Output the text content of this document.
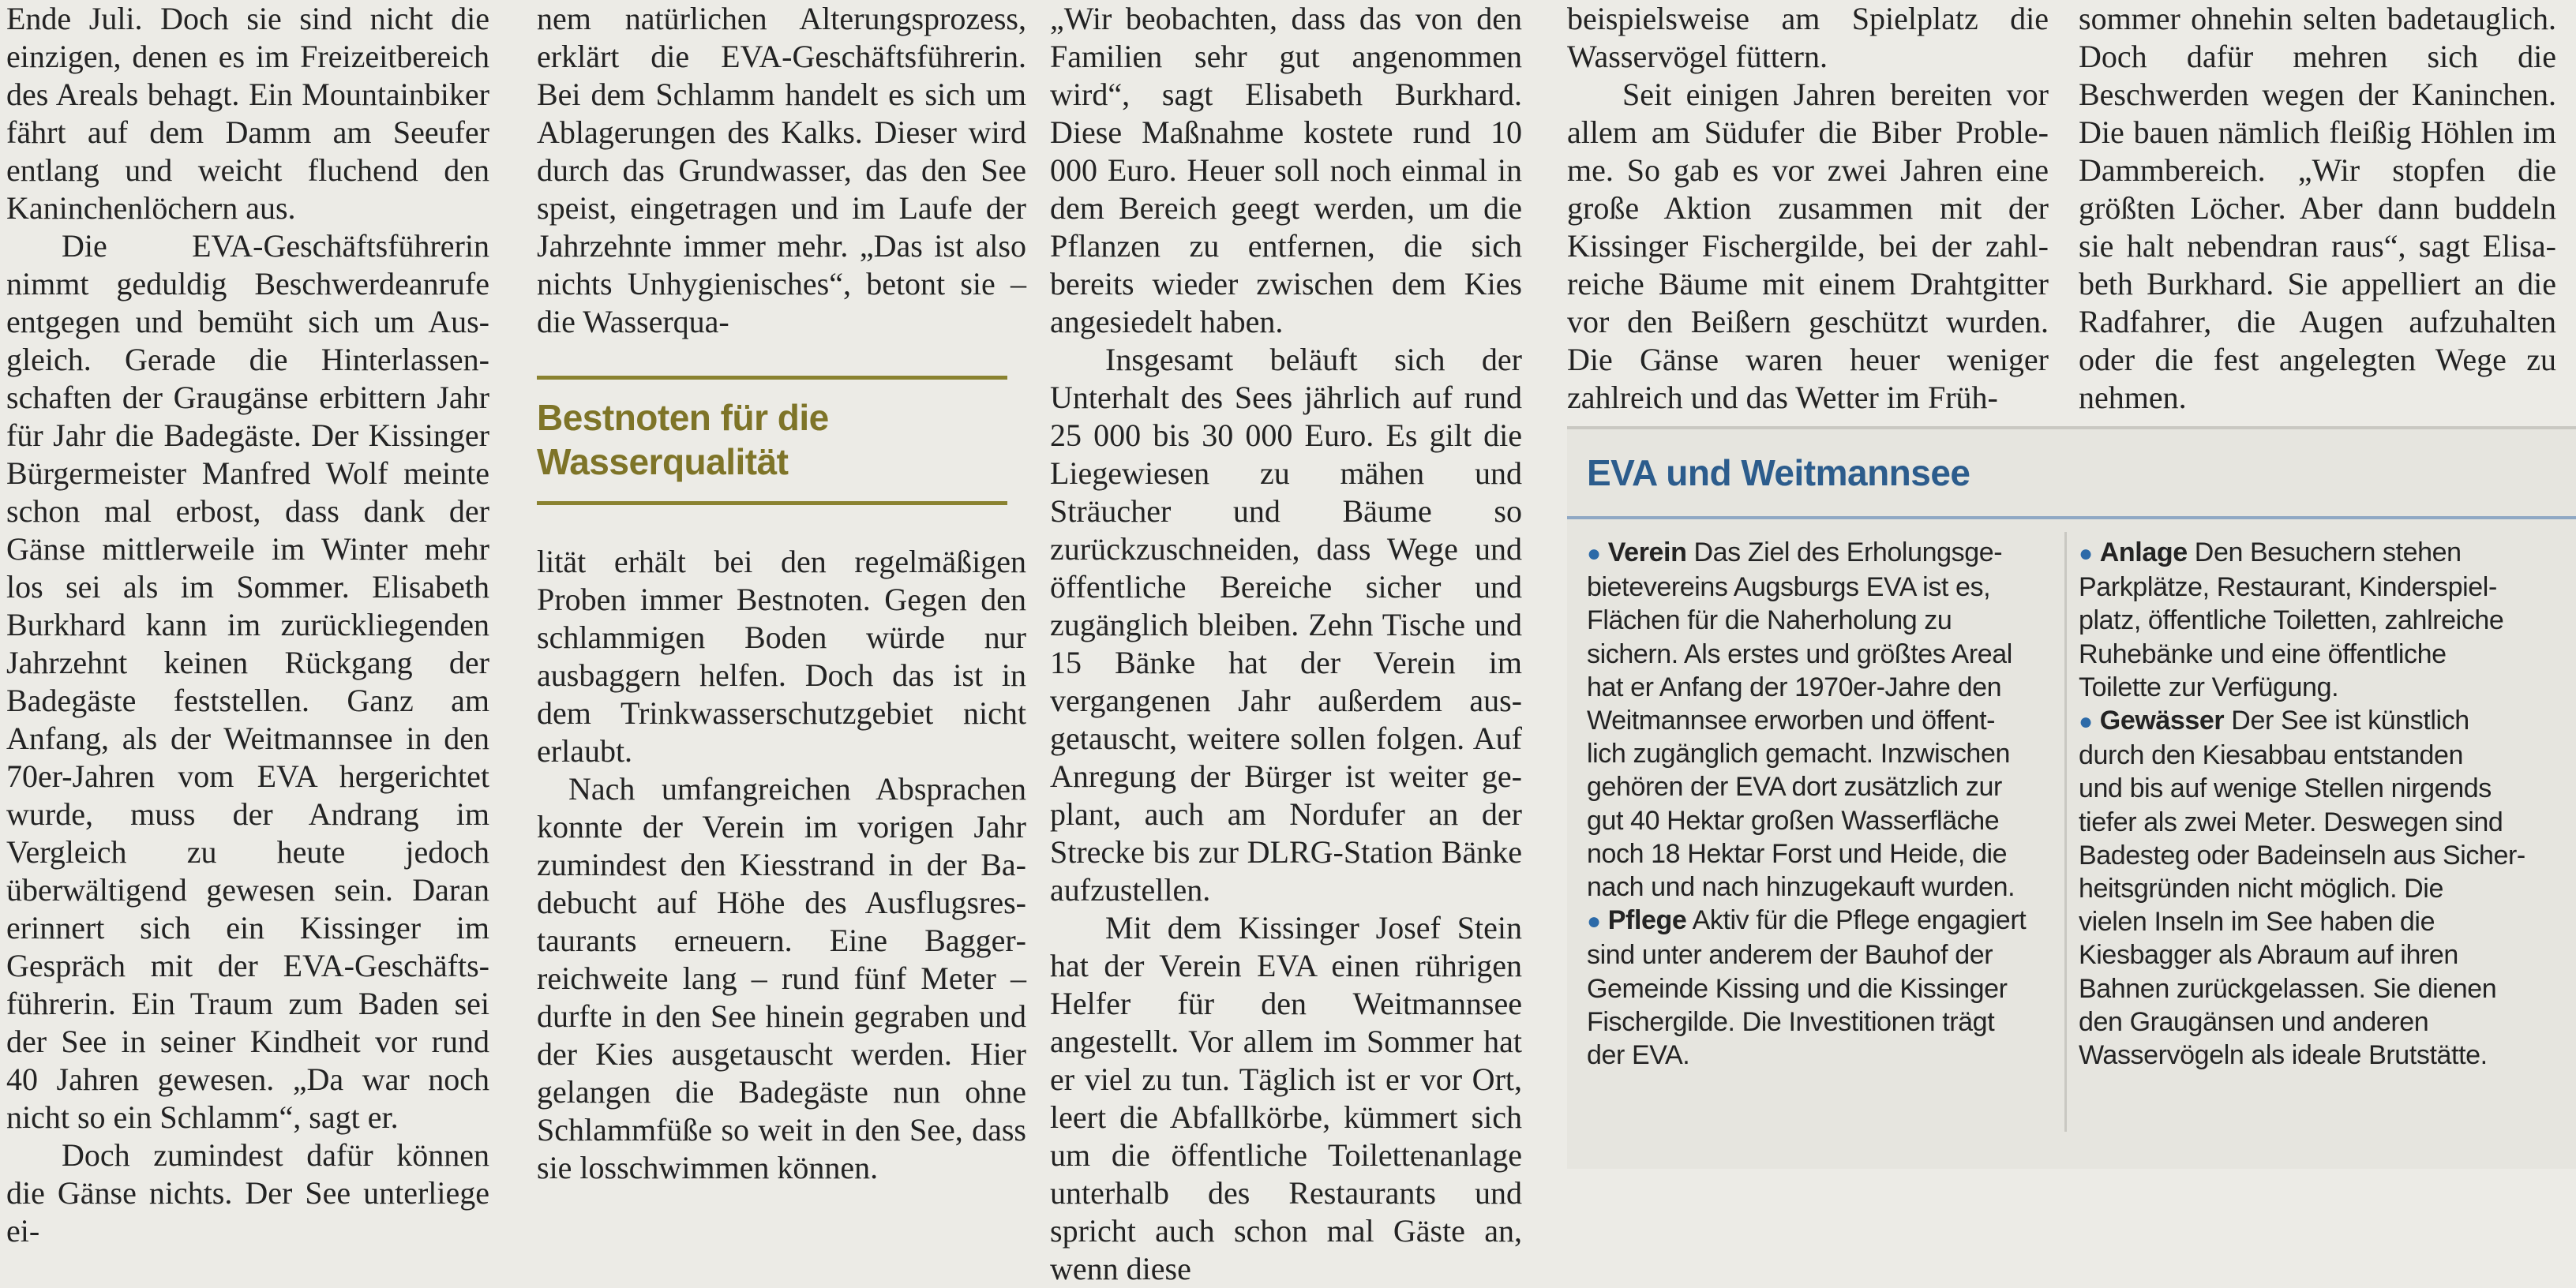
Ende Juli. Doch sie sind nicht die einzigen, denen es im Freizeitbereich des Areals behagt. Ein Mountainbiker fährt auf dem Damm am Seeufer entlang und weicht fluchend den Kaninchenlöchern aus.

Die EVA-Geschäftsführerin nimmt geduldig Beschwerdeanrufe entgegen und bemüht sich um Ausgleich. Gerade die Hinterlassenschaften der Graugänse erbittern Jahr für Jahr die Badegäste. Der Kissinger Bürgermeister Manfred Wolf meinte schon mal erbost, dass dank der Gänse mittlerweile im Winter mehr los sei als im Sommer. Elisabeth Burkhard kann im zurückliegenden Jahrzehnt keinen Rückgang der Badegäste feststellen. Ganz am Anfang, als der Weitmannsee in den 70er-Jahren vom EVA hergerichtet wurde, muss der Andrang im Vergleich zu heute jedoch überwältigend gewesen sein. Daran erinnert sich ein Kissinger im Gespräch mit der EVA-Geschäftsführerin. Ein Traum zum Baden sei der See in seiner Kindheit vor rund 40 Jahren gewesen. „Da war noch nicht so ein Schlamm“, sagt er.

Doch zumindest dafür können die Gänse nichts. Der See unterliege ei-

nem natürlichen Alterungsprozess, erklärt die EVA-Geschäftsführerin. Bei dem Schlamm handelt es sich um Ablagerungen des Kalks. Dieser wird durch das Grundwasser, das den See speist, eingetragen und im Laufe der Jahrzehnte immer mehr. „Das ist also nichts Unhygienisches“, betont sie – die Wasserqua-

Bestnoten für die Wasserqualität

lität erhält bei den regelmäßigen Proben immer Bestnoten. Gegen den schlammigen Boden würde nur ausbaggern helfen. Doch das ist in dem Trinkwasserschutzgebiet nicht erlaubt.

Nach umfangreichen Absprachen konnte der Verein im vorigen Jahr zumindest den Kiesstrand in der Badebucht auf Höhe des Ausflugsrestaurants erneuern. Eine Baggerreichweite lang – rund fünf Meter – durfte in den See hinein gegraben und der Kies ausgetauscht werden. Hier gelangen die Badegäste nun ohne Schlammfüße so weit in den See, dass sie losschwimmen können.

„Wir beobachten, dass das von den Familien sehr gut angenommen wird“, sagt Elisabeth Burkhard. Diese Maßnahme kostete rund 10 000 Euro. Heuer soll noch einmal in dem Bereich geegt werden, um die Pflanzen zu entfernen, die sich bereits wieder zwischen dem Kies angesiedelt haben.

Insgesamt beläuft sich der Unterhalt des Sees jährlich auf rund 25 000 bis 30 000 Euro. Es gilt die Liegewiesen zu mähen und Sträucher und Bäume so zurückzuschneiden, dass Wege und öffentliche Bereiche sicher und zugänglich bleiben. Zehn Tische und 15 Bänke hat der Verein im vergangenen Jahr außerdem ausgetauscht, weitere sollen folgen. Auf Anregung der Bürger ist weiter geplant, auch am Nordufer an der Strecke bis zur DLRG-Station Bänke aufzustellen.

Mit dem Kissinger Josef Stein hat der Verein EVA einen rührigen Helfer für den Weitmannsee angestellt. Vor allem im Sommer hat er viel zu tun. Täglich ist er vor Ort, leert die Abfallkörbe, kümmert sich um die öffentliche Toilettenanlage unterhalb des Restaurants und spricht auch schon mal Gäste an, wenn diese

beispielsweise am Spielplatz die Wasservögel füttern.

Seit einigen Jahren bereiten vor allem am Südufer die Biber Probleme. So gab es vor zwei Jahren eine große Aktion zusammen mit der Kissinger Fischergilde, bei der zahlreiche Bäume mit einem Drahtgitter vor den Beißern geschützt wurden. Die Gänse waren heuer weniger zahlreich und das Wetter im Früh-

sommer ohnehin selten badetauglich. Doch dafür mehren sich die Beschwerden wegen der Kaninchen. Die bauen nämlich fleißig Höhlen im Dammbereich. „Wir stopfen die größten Löcher. Aber dann buddeln sie halt nebendran raus“, sagt Elisabeth Burkhard. Sie appelliert an die Radfahrer, die Augen aufzuhalten oder die fest angelegten Wege zu nehmen.

EVA und Weitmannsee

● Verein Das Ziel des Erholungsge-
bietevereins Augsburgs EVA ist es,
Flächen für die Naherholung zu
sichern. Als erstes und größtes Areal
hat er Anfang der 1970er-Jahre den
Weitmannsee erworben und öffent-
lich zugänglich gemacht. Inzwischen
gehören der EVA dort zusätzlich zur
gut 40 Hektar großen Wasserfläche
noch 18 Hektar Forst und Heide, die
nach und nach hinzugekauft wurden.

● Pflege Aktiv für die Pflege engagiert
sind unter anderem der Bauhof der
Gemeinde Kissing und die Kissinger
Fischergilde. Die Investitionen trägt
der EVA.

● Anlage Den Besuchern stehen
Parkplätze, Restaurant, Kinderspiel-
platz, öffentliche Toiletten, zahlreiche
Ruhebänke und eine öffentliche
Toilette zur Verfügung.

● Gewässer Der See ist künstlich
durch den Kiesabbau entstanden
und bis auf wenige Stellen nirgends
tiefer als zwei Meter. Deswegen sind
Badesteg oder Badeinseln aus Sicher-
heitsgründen nicht möglich. Die
vielen Inseln im See haben die
Kiesbagger als Abraum auf ihren
Bahnen zurückgelassen. Sie dienen
den Graugänsen und anderen
Wasservögeln als ideale Brutstätte.
